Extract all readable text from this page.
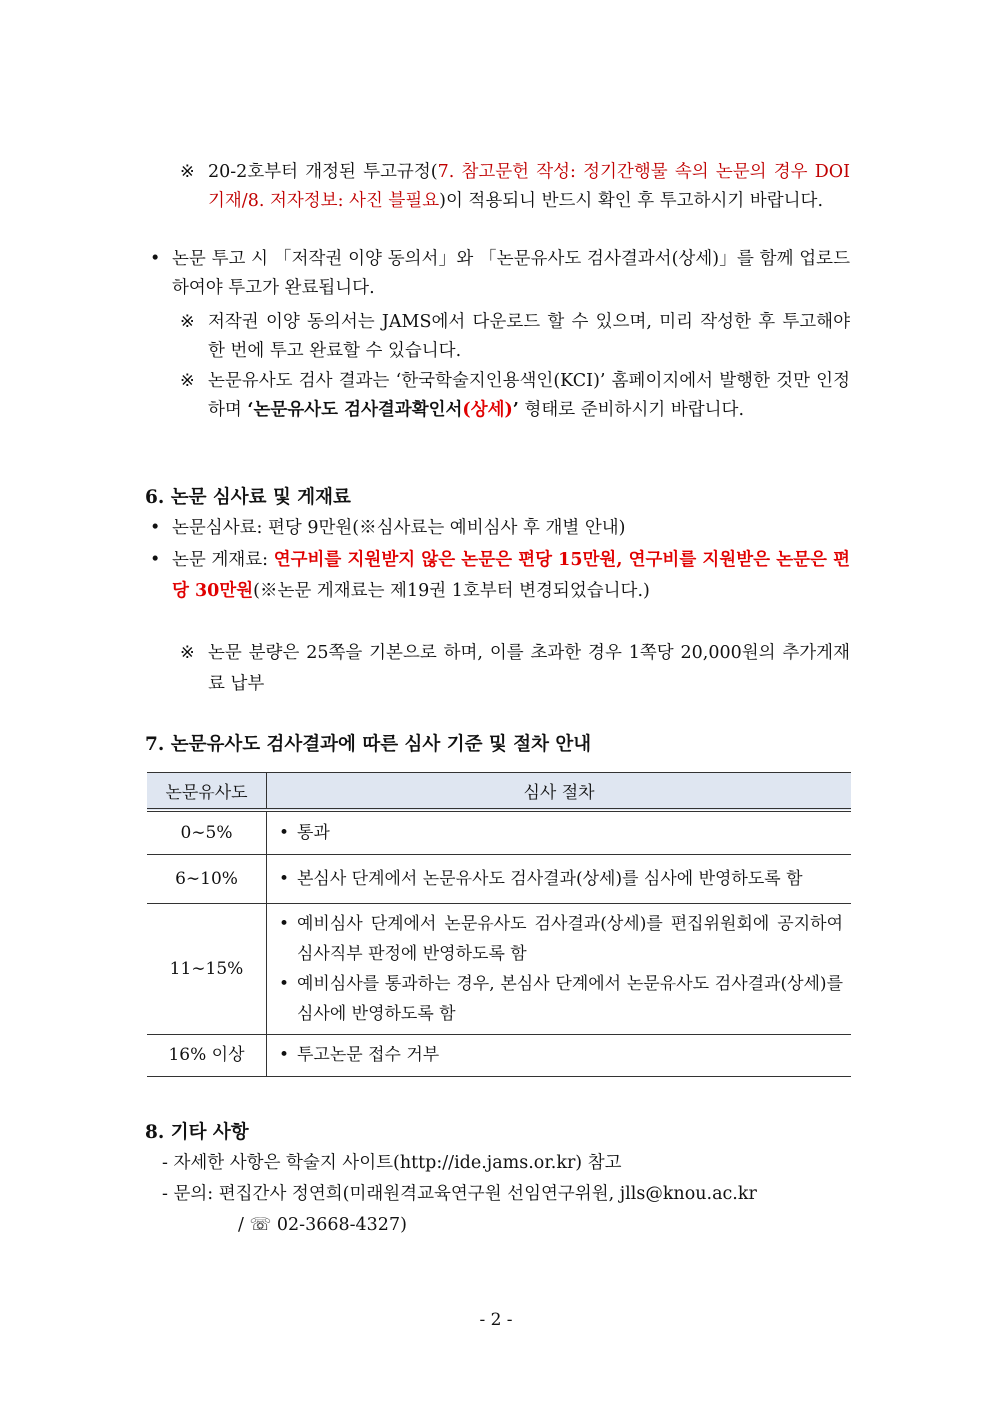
※ 20-2호부터 개정된 투고규정(7. 참고문헌 작성: 정기간행물 속의 논문의 경우 DOI 기재/8. 저자정보: 사진 블필요)이 적용되니 반드시 확인 후 투고하시기 바랍니다.
• 논문 투고 시 「저작권 이양 동의서」와 「논문유사도 검사결과서(상세)」를 함께 업로드 하여야 투고가 완료됩니다.
※ 저작권 이양 동의서는 JAMS에서 다운로드 할 수 있으며, 미리 작성한 후 투고해야 한 번에 투고 완료할 수 있습니다.
※ 논문유사도 검사 결과는 ‘한국학술지인용색인(KCI)’ 홈페이지에서 발행한 것만 인정하며 ‘논문유사도 검사결과확인서(상세)’ 형태로 준비하시기 바랍니다.
6. 논문 심사료 및 게재료
• 논문심사료: 편당 9만원(※심사료는 예비심사 후 개별 안내)
• 논문 게재료: 연구비를 지원받지 않은 논문은 편당 15만원, 연구비를 지원받은 논문은 편당 30만원(※논문 게재료는 제19권 1호부터 변경되었습니다.)
※ 논문 분량은 25쪽을 기본으로 하며, 이를 초과한 경우 1쪽당 20,000원의 추가게재료 납부
7. 논문유사도 검사결과에 따른 심사 기준 및 절차 안내
논문유사도	심사 절차
0∼5%	• 통과

6∼10%	• 본심사 단계에서 논문유사도 검사결과(상세)를 심사에 반영하도록 함

11∼15%	• 예비심사 단계에서 논문유사도 검사결과(상세)를 편집위원회에 공지하여 심사직부 판정에 반영하도록 함
• 예비심사를 통과하는 경우, 본심사 단계에서 논문유사도 검사결과(상세)를 심사에 반영하도록 함

16% 이상	• 투고논문 접수 거부
8. 기타 사항
- 자세한 사항은 학술지 사이트(http://ide.jams.or.kr) 참고
- 문의: 편집간사 정연희(미래원격교육연구원 선임연구위원, jlls@knou.ac.kr
/ ☏ 02-3668-4327)
- 2 -
